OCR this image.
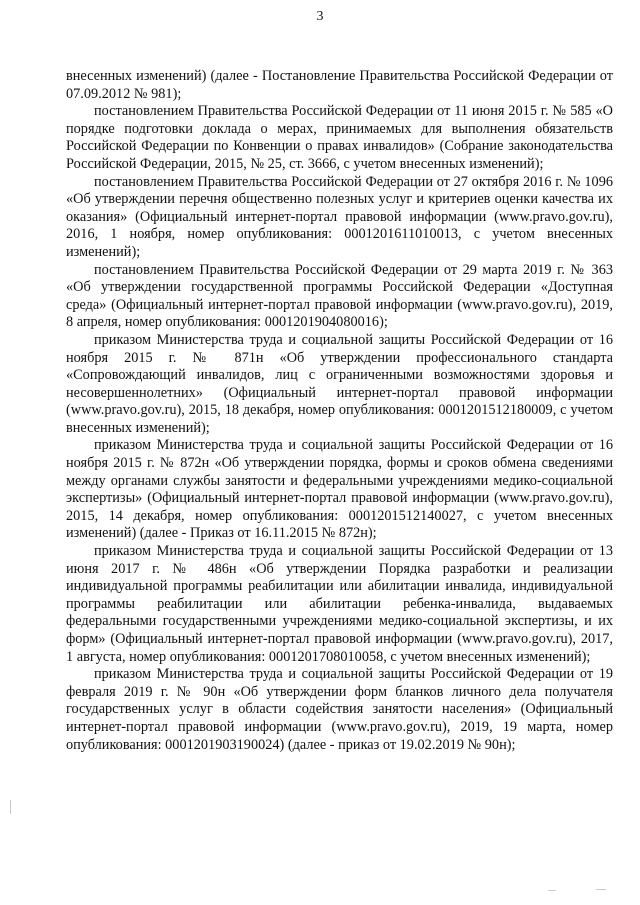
3

внесенных изменений) (далее - Постановление Правительства Российской Федерации от 07.09.2012 № 981);

постановлением Правительства Российской Федерации от 11 июня 2015 г. № 585 «О порядке подготовки доклада о мерах, принимаемых для выполнения обязательств Российской Федерации по Конвенции о правах инвалидов» (Собрание законодательства Российской Федерации, 2015, № 25, ст. 3666, с учетом внесенных изменений);

постановлением Правительства Российской Федерации от 27 октября 2016 г. № 1096 «Об утверждении перечня общественно полезных услуг и критериев оценки качества их оказания» (Официальный интернет-портал правовой информации (www.pravo.gov.ru), 2016, 1 ноября, номер опубликования: 0001201611010013, с учетом внесенных изменений);

постановлением Правительства Российской Федерации от 29 марта 2019 г. № 363 «Об утверждении государственной программы Российской Федерации «Доступная среда» (Официальный интернет-портал правовой информации (www.pravo.gov.ru), 2019, 8 апреля, номер опубликования: 0001201904080016);

приказом Министерства труда и социальной защиты Российской Федерации от 16 ноября 2015 г. № 871н «Об утверждении профессионального стандарта «Сопровождающий инвалидов, лиц с ограниченными возможностями здоровья и несовершеннолетних» (Официальный интернет-портал правовой информации (www.pravo.gov.ru), 2015, 18 декабря, номер опубликования: 0001201512180009, с учетом внесенных изменений);

приказом Министерства труда и социальной защиты Российской Федерации от 16 ноября 2015 г. № 872н «Об утверждении порядка, формы и сроков обмена сведениями между органами службы занятости и федеральными учреждениями медико-социальной экспертизы» (Официальный интернет-портал правовой информации (www.pravo.gov.ru), 2015, 14 декабря, номер опубликования: 0001201512140027, с учетом внесенных изменений) (далее - Приказ от 16.11.2015 № 872н);

приказом Министерства труда и социальной защиты Российской Федерации от 13 июня 2017 г. № 486н «Об утверждении Порядка разработки и реализации индивидуальной программы реабилитации или абилитации инвалида, индивидуальной программы реабилитации или абилитации ребенка-инвалида, выдаваемых федеральными государственными учреждениями медико-социальной экспертизы, и их форм» (Официальный интернет-портал правовой информации (www.pravo.gov.ru), 2017, 1 августа, номер опубликования: 0001201708010058, с учетом внесенных изменений);

приказом Министерства труда и социальной защиты Российской Федерации от 19 февраля 2019 г. № 90н «Об утверждении форм бланков личного дела получателя государственных услуг в области содействия занятости населения» (Официальный интернет-портал правовой информации (www.pravo.gov.ru), 2019, 19 марта, номер опубликования: 0001201903190024) (далее - приказ от 19.02.2019 № 90н);
